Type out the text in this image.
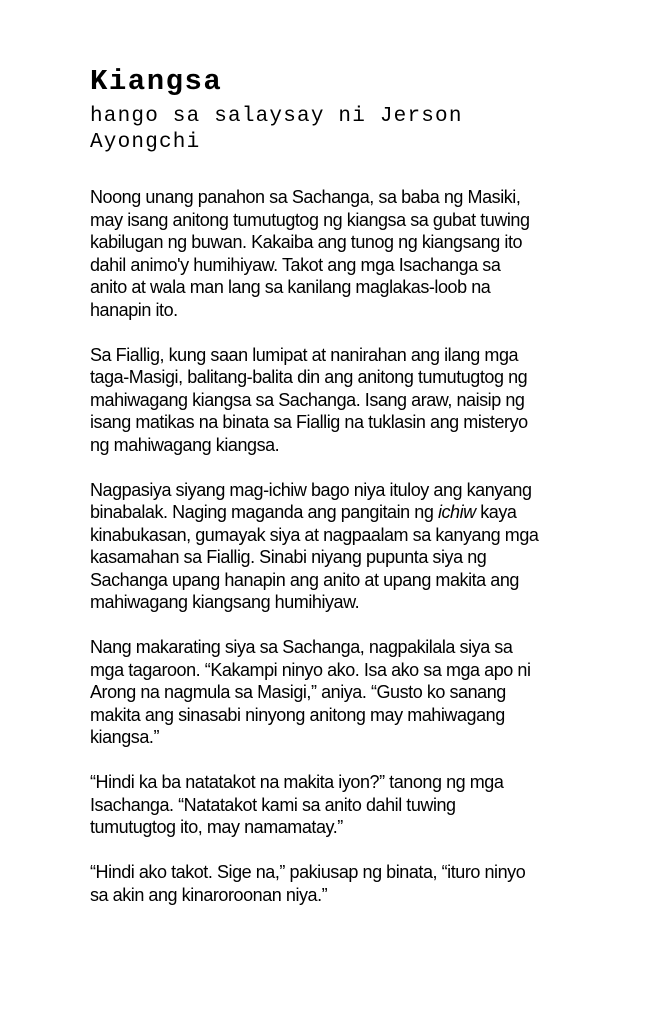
Kiangsa
hango sa salaysay ni Jerson Ayongchi

Noong unang panahon sa Sachanga, sa baba ng Masiki,
may isang anitong tumutugtog ng kiangsa sa gubat tuwing
kabilugan ng buwan. Kakaiba ang tunog ng kiangsang ito
dahil animo'y humihiyaw. Takot ang mga Isachanga sa
anito at wala man lang sa kanilang maglakas-loob na
hanapin ito.

Sa Fiallig, kung saan lumipat at nanirahan ang ilang mga
taga-Masigi, balitang-balita din ang anitong tumutugtog ng
mahiwagang kiangsa sa Sachanga. Isang araw, naisip ng
isang matikas na binata sa Fiallig na tuklasin ang misteryo
ng mahiwagang kiangsa.

Nagpasiya siyang mag-ichiw bago niya ituloy ang kanyang
binabalak. Naging maganda ang pangitain ng ichiw kaya
kinabukasan, gumayak siya at nagpaalam sa kanyang mga
kasamahan sa Fiallig. Sinabi niyang pupunta siya ng
Sachanga upang hanapin ang anito at upang makita ang
mahiwagang kiangsang humihiyaw.

Nang makarating siya sa Sachanga, nagpakilala siya sa
mga tagaroon. “Kakampi ninyo ako. Isa ako sa mga apo ni
Arong na nagmula sa Masigi,” aniya. “Gusto ko sanang
makita ang sinasabi ninyong anitong may mahiwagang
kiangsa.”

“Hindi ka ba natatakot na makita iyon?” tanong ng mga
Isachanga. “Natatakot kami sa anito dahil tuwing
tumutugtog ito, may namamatay.”

“Hindi ako takot. Sige na,” pakiusap ng binata, “ituro ninyo
sa akin ang kinaroroonan niya.”
